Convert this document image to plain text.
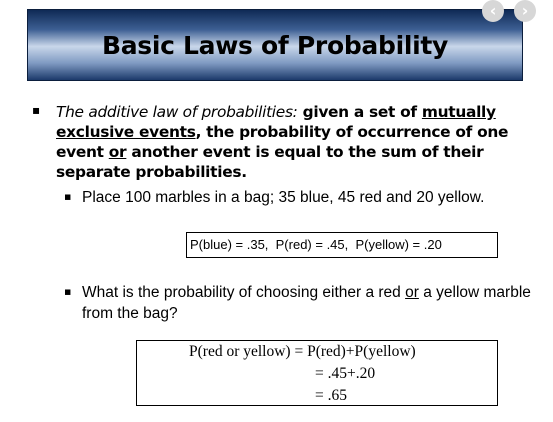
Basic Laws of Probability
‹	›
▪ The additive law of probabilities: given a set of mutually exclusive events, the probability of occurrence of one event or another event is equal to the sum of their separate probabilities.
▪ Place 100 marbles in a bag; 35 blue, 45 red and 20 yellow.
P(blue) = .35,  P(red) = .45,  P(yellow) = .20
▪ What is the probability of choosing either a red or a yellow marble from the bag?
P(red or yellow) = P(red)+P(yellow)
= .45+.20
= .65
